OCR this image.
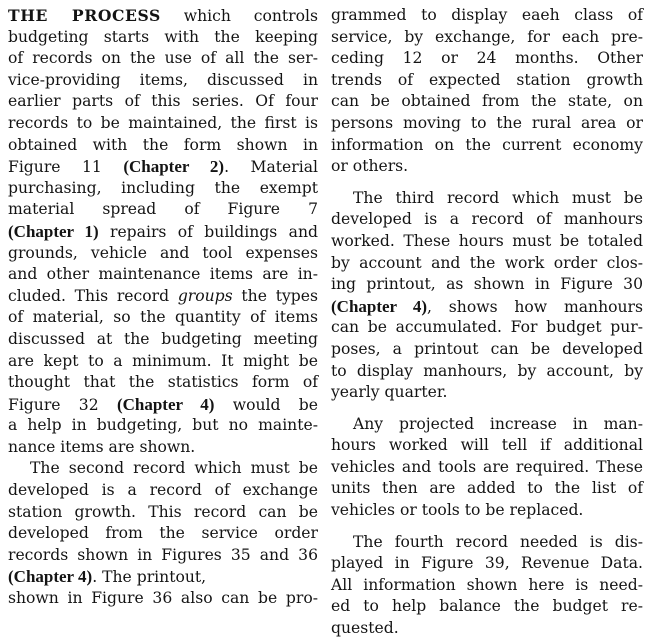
THE PROCESS which controls
budgeting starts with the keeping
of records on the use of all the ser-
vice-providing items, discussed in
earlier parts of this series. Of four
records to be maintained, the first is
obtained with the form shown in
Figure 11 (Chapter 2). Material
purchasing, including the exempt
material spread of Figure 7
(Chapter 1) repairs of buildings and
grounds, vehicle and tool expenses
and other maintenance items are in-
cluded. This record groups the types
of material, so the quantity of items
discussed at the budgeting meeting
are kept to a minimum. It might be
thought that the statistics form of
Figure 32 (Chapter 4) would be
a help in budgeting, but no mainte-
nance items are shown.
The second record which must be
developed is a record of exchange
station growth. This record can be
developed from the service order
records shown in Figures 35 and 36
(Chapter 4). The printout,
shown in Figure 36 also can be pro-
grammed to display eaeh class of
service, by exchange, for each pre-
ceding 12 or 24 months. Other
trends of expected station growth
can be obtained from the state, on
persons moving to the rural area or
information on the current economy
or others.
The third record which must be
developed is a record of manhours
worked. These hours must be totaled
by account and the work order clos-
ing printout, as shown in Figure 30
(Chapter 4), shows how manhours
can be accumulated. For budget pur-
poses, a printout can be developed
to display manhours, by account, by
yearly quarter.
Any projected increase in man-
hours worked will tell if additional
vehicles and tools are required. These
units then are added to the list of
vehicles or tools to be replaced.
The fourth record needed is dis-
played in Figure 39, Revenue Data.
All information shown here is need-
ed to help balance the budget re-
quested.
